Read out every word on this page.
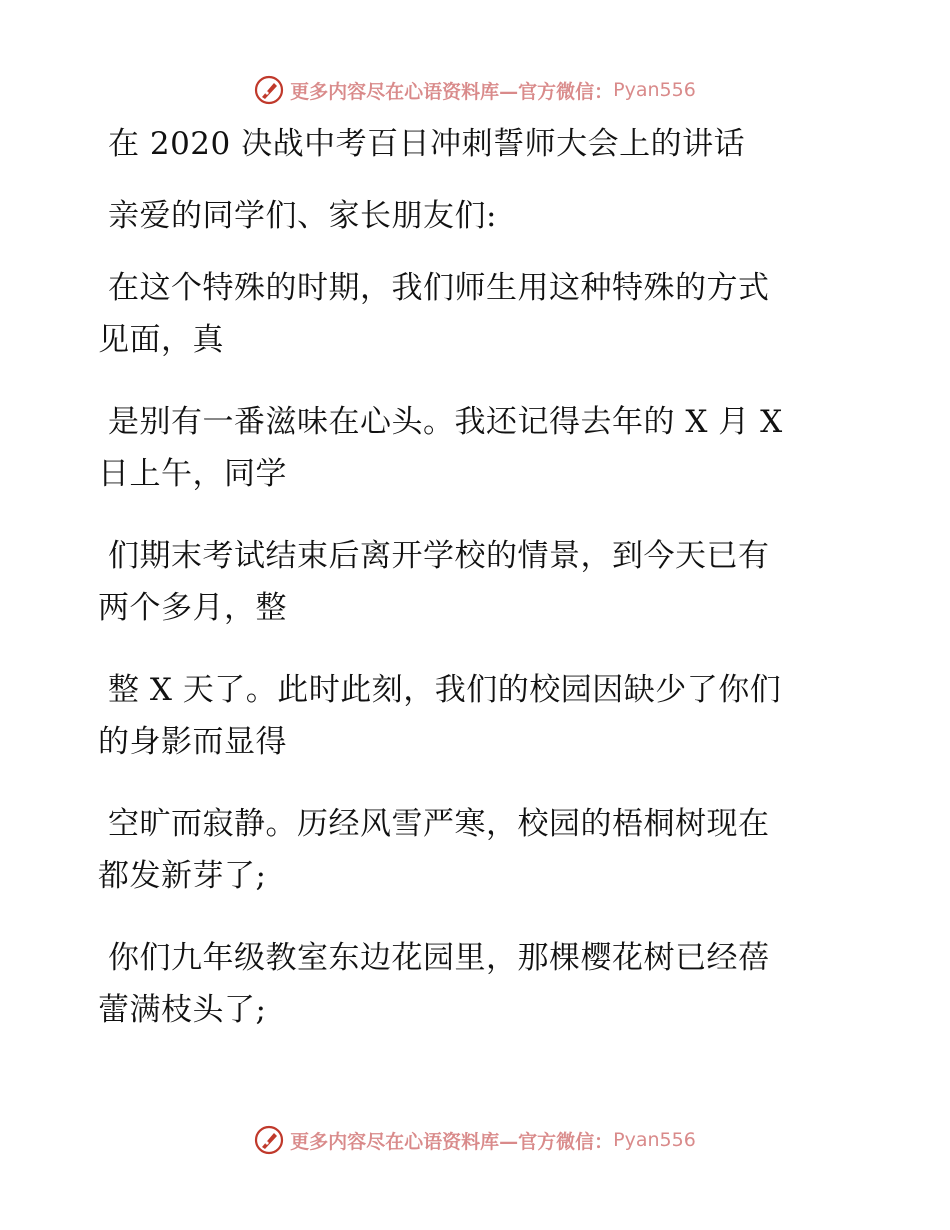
更多内容尽在心语资料库—官方微信： Pyan556
在 2020 决战中考百日冲刺誓师大会上的讲话
亲爱的同学们、家长朋友们:
在这个特殊的时期，我们师生用这种特殊的方式
见面，真
是别有一番滋味在心头。我还记得去年的 X 月 X
日上午，同学
们期末考试结束后离开学校的情景，到今天已有
两个多月，整
整 X 天了。此时此刻，我们的校园因缺少了你们
的身影而显得
空旷而寂静。历经风雪严寒，校园的梧桐树现在
都发新芽了;
你们九年级教室东边花园里，那棵樱花树已经蓓
蕾满枝头了;
更多内容尽在心语资料库—官方微信： Pyan556
